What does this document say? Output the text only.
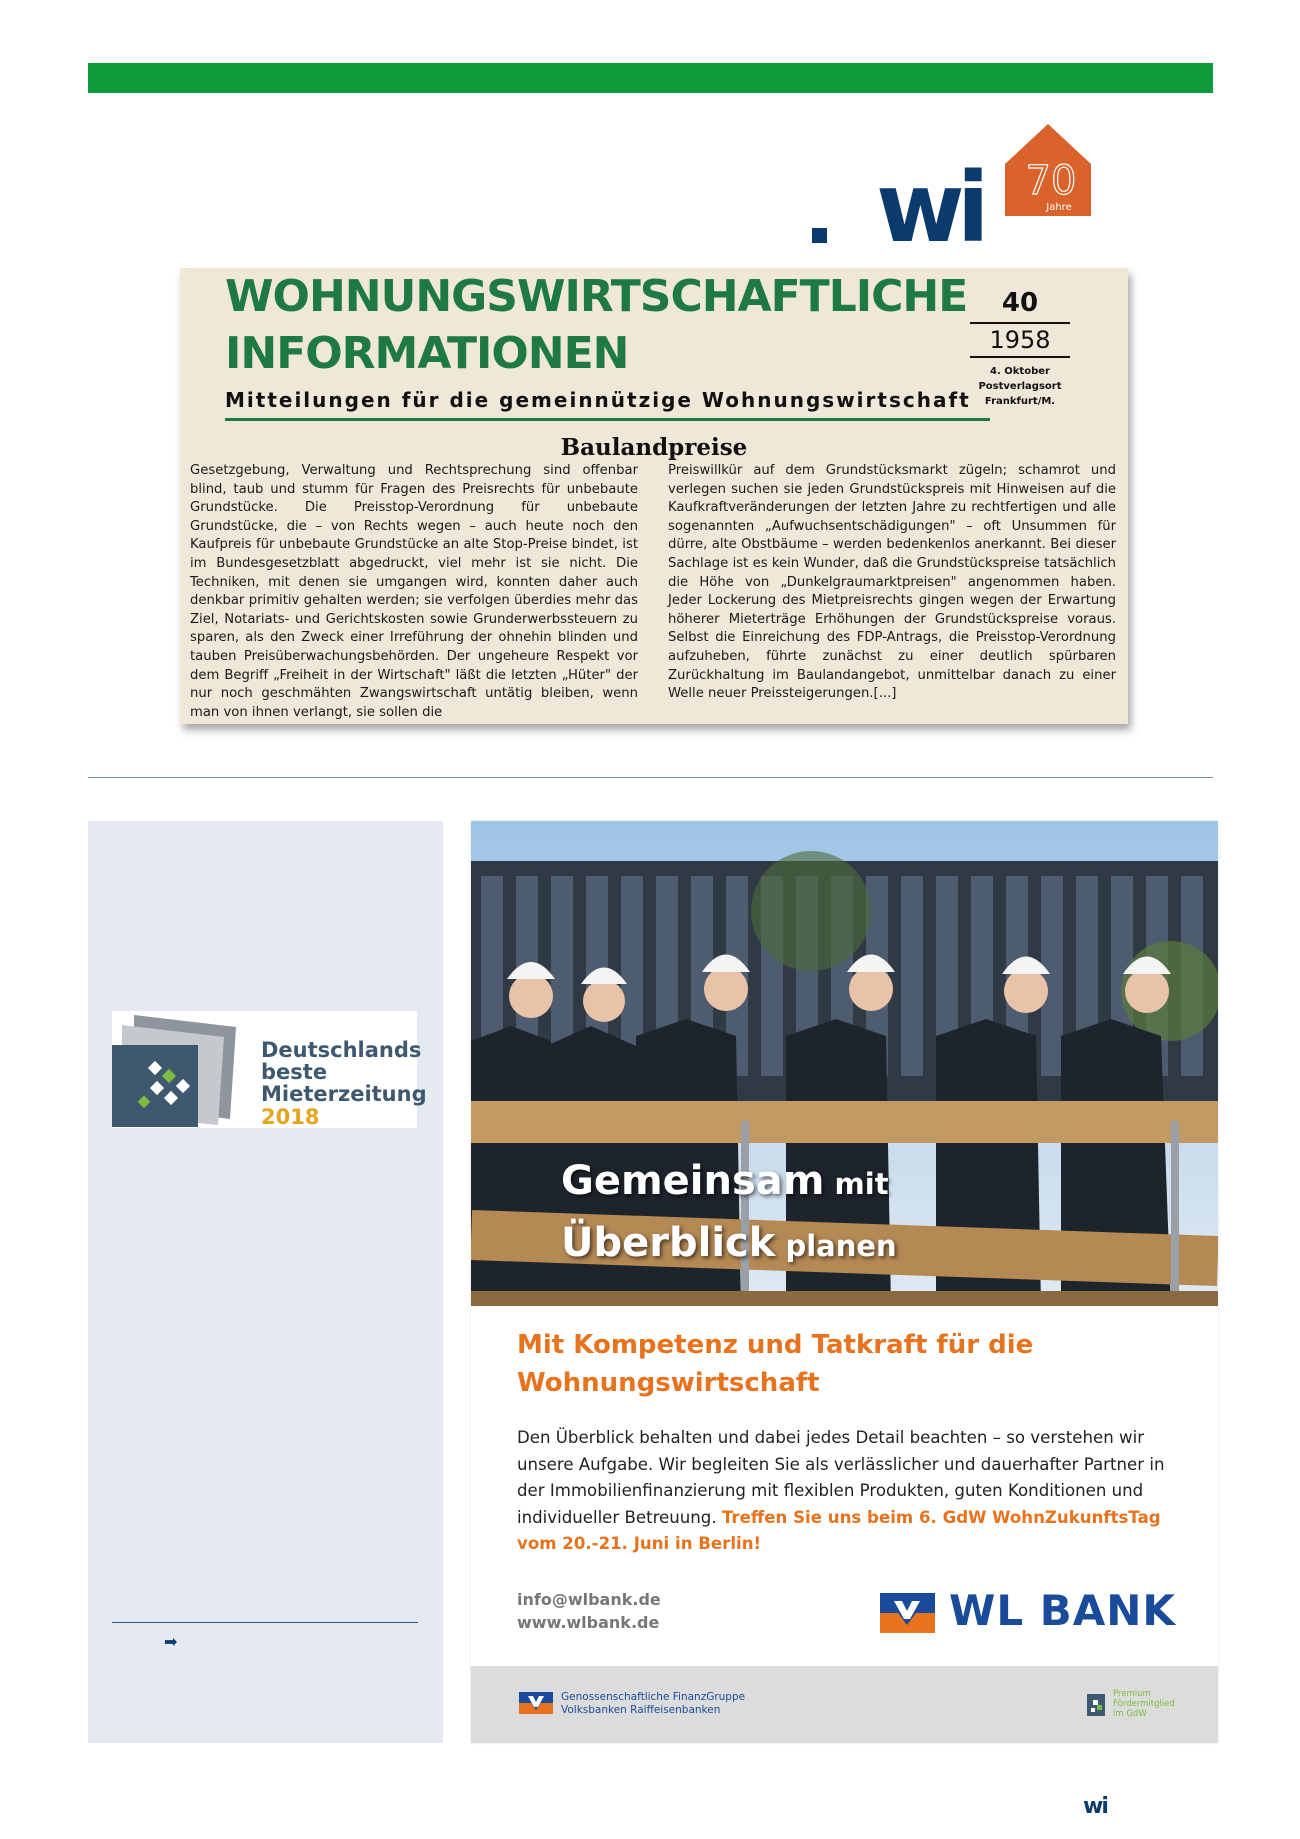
wi 70
Jahre
WOHNUNGSWIRTSCHAFTLICHE
INFORMATIONEN
Mitteilungen für die gemeinnützige Wohnungswirtschaft
40
1958
4. Oktober
Postverlagsort
Frankfurt/M.
Baulandpreise
Gesetzgebung, Verwaltung und Rechtsprechung sind offenbar blind, taub und stumm für Fragen des Preisrechts für unbebaute Grundstücke. Die Preisstop-Verordnung für unbebaute Grundstücke, die – von Rechts wegen – auch heute noch den Kaufpreis für unbebaute Grundstücke an alte Stop-Preise bindet, ist im Bundesgesetzblatt abgedruckt, viel mehr ist sie nicht. Die Techniken, mit denen sie umgangen wird, konnten daher auch denkbar primitiv gehalten werden; sie verfolgen überdies mehr das Ziel, Notariats- und Gerichtskosten sowie Grunderwerbssteuern zu sparen, als den Zweck einer Irreführung der ohnehin blinden und tauben Preisüberwachungsbehörden. Der ungeheure Respekt vor dem Begriff „Freiheit in der Wirtschaft" läßt die letzten „Hüter" der nur noch geschmähten Zwangswirtschaft untätig bleiben, wenn man von ihnen verlangt, sie sollen die
Preiswillkür auf dem Grundstücksmarkt zügeln; schamrot und verlegen suchen sie jeden Grundstückspreis mit Hinweisen auf die Kaufkraftveränderungen der letzten Jahre zu rechtfertigen und alle sogenannten „Aufwuchsentschädigungen" – oft Unsummen für dürre, alte Obstbäume – werden bedenkenlos anerkannt. Bei dieser Sachlage ist es kein Wunder, daß die Grundstückspreise tatsächlich die Höhe von „Dunkelgraumarktpreisen" angenommen haben. Jeder Lockerung des Mietpreisrechts gingen wegen der Erwartung höherer Mieterträge Erhöhungen der Grundstückspreise voraus. Selbst die Einreichung des FDP-Antrags, die Preisstop-Verordnung aufzuheben, führte zunächst zu einer deutlich spürbaren Zurückhaltung im Baulandangebot, unmittelbar danach zu einer Welle neuer Preissteigerungen.[...]
Deutschlands
beste
Mieterzeitung
2018
➡
Gemeinsam mit
Überblick planen
Mit Kompetenz und Tatkraft für die Wohnungswirtschaft
Den Überblick behalten und dabei jedes Detail beachten – so verstehen wir unsere Aufgabe. Wir begleiten Sie als verlässlicher und dauerhafter Partner in der Immobilienfinanzierung mit flexiblen Produkten, guten Konditionen und individueller Betreuung. Treffen Sie uns beim 6. GdW WohnZukunftsTag vom 20.-21. Juni in Berlin!
info@wlbank.de
www.wlbank.de	WL BANK
Genossenschaftliche FinanzGruppe
Volksbanken Raiffeisenbanken
Premium
Fördermitglied
im GdW
wi
